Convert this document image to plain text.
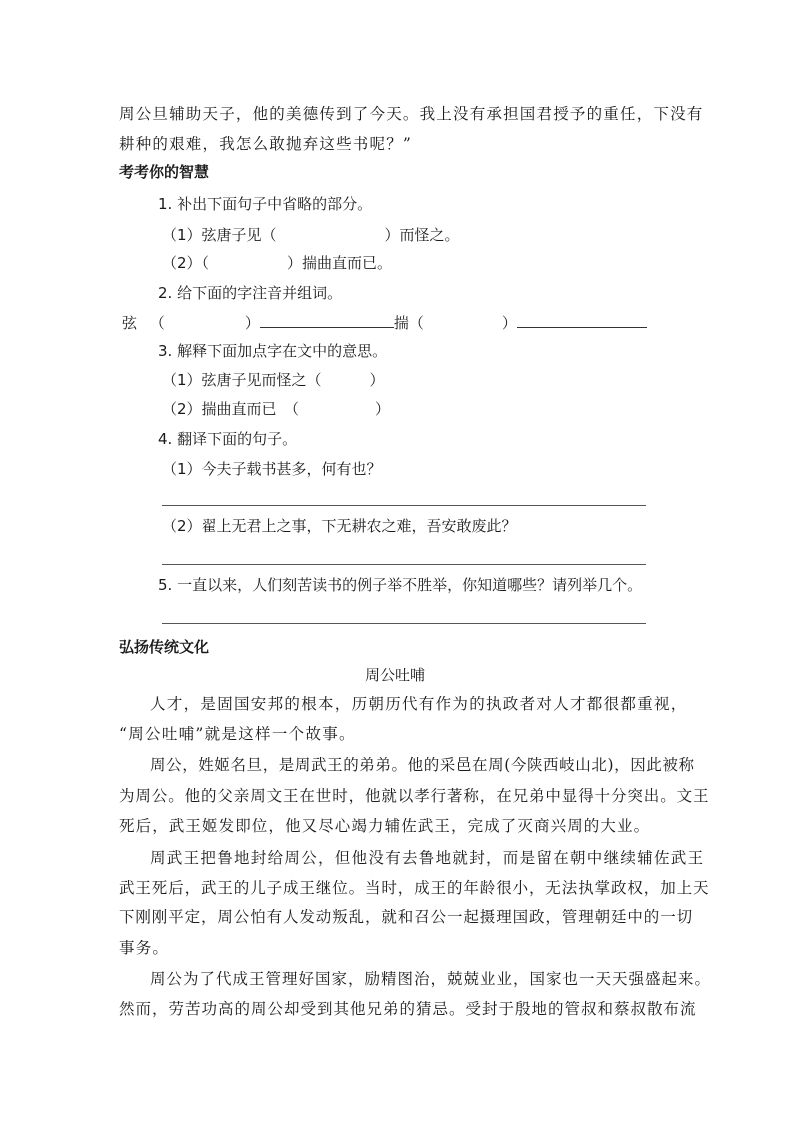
周公旦辅助天子，他的美德传到了今天。我上没有承担国君授予的重任，下没有
耕种的艰难，我怎么敢抛弃这些书呢？”
考考你的智慧
1. 补出下面句子中省略的部分。
（1）弦唐子见（	）而怪之。
（2）（	）揣曲直而已。
2. 给下面的字注音并组词。
弦 （	）	揣（	）
3. 解释下面加点字在文中的意思。
（1）弦唐子见而怪之（	）
（2）揣曲直而已　（	）
4. 翻译下面的句子。
（1）今夫子载书甚多，何有也？
（2）翟上无君上之事，下无耕农之难，吾安敢废此？
5. 一直以来，人们刻苦读书的例子举不胜举，你知道哪些？请列举几个。
弘扬传统文化
周公吐哺
人才，是固国安邦的根本，历朝历代有作为的执政者对人才都很都重视，
“周公吐哺”就是这样一个故事。
周公，姓姬名旦，是周武王的弟弟。他的采邑在周(今陕西岐山北)，因此被称
为周公。他的父亲周文王在世时，他就以孝行著称，在兄弟中显得十分突出。文王
死后，武王姬发即位，他又尽心竭力辅佐武王，完成了灭商兴周的大业。
周武王把鲁地封给周公，但他没有去鲁地就封，而是留在朝中继续辅佐武王
武王死后，武王的儿子成王继位。当时，成王的年龄很小，无法执掌政权，加上天
下刚刚平定，周公怕有人发动叛乱，就和召公一起摄理国政，管理朝廷中的一切
事务。
周公为了代成王管理好国家，励精图治，兢兢业业，国家也一天天强盛起来。
然而，劳苦功高的周公却受到其他兄弟的猜忌。受封于殷地的管叔和蔡叔散布流
